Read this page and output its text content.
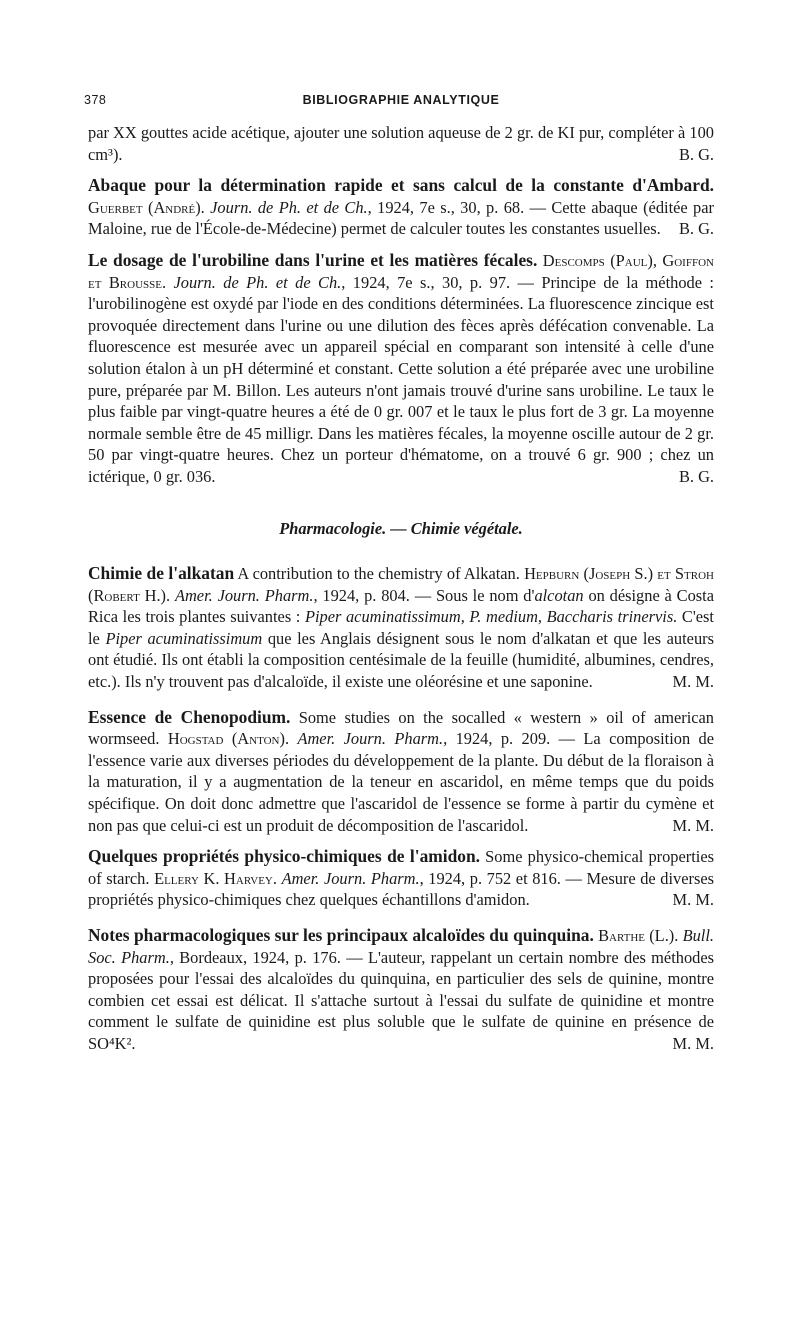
378	BIBLIOGRAPHIE ANALYTIQUE

par XX gouttes acide acétique, ajouter une solution aqueuse de 2 gr. de KI pur, compléter à 100 cm³).	B. G.

Abaque pour la détermination rapide et sans calcul de la constante d'Ambard. Guerbet (André). Journ. de Ph. et de Ch., 1924, 7e s., 30, p. 68. — Cette abaque (éditée par Maloine, rue de l'École-de-Médecine) permet de calculer toutes les constantes usuelles. B. G.

Le dosage de l'urobiline dans l'urine et les matières fécales. Descomps (Paul), Goiffon et Brousse. Journ. de Ph. et de Ch., 1924, 7e s., 30, p. 97. — Principe de la méthode : l'urobilinogène est oxydé par l'iode en des conditions déterminées. La fluorescence zincique est provoquée directement dans l'urine ou une dilution des fèces après défécation convenable. La fluorescence est mesurée avec un appareil spécial en comparant son intensité à celle d'une solution étalon à un pH déterminé et constant. Cette solution a été préparée avec une urobiline pure, préparée par M. Billon. Les auteurs n'ont jamais trouvé d'urine sans urobiline. Le taux le plus faible par vingt-quatre heures a été de 0 gr. 007 et le taux le plus fort de 3 gr. La moyenne normale semble être de 45 milligr. Dans les matières fécales, la moyenne oscille autour de 2 gr. 50 par vingt-quatre heures. Chez un porteur d'hématome, on a trouvé 6 gr. 900 ; chez un ictérique, 0 gr. 036.	B. G.

Pharmacologie. — Chimie végétale.

Chimie de l'alkatan A contribution to the chemistry of Alkatan. Hepburn (Joseph S.) et Stroh (Robert H.). Amer. Journ. Pharm., 1924, p. 804. — Sous le nom d'alcotan on désigne à Costa Rica les trois plantes suivantes : Piper acuminatissimum, P. medium, Baccharis trinervis. C'est le Piper acuminatissimum que les Anglais désignent sous le nom d'alkatan et que les auteurs ont étudié. Ils ont établi la composition centésimale de la feuille (humidité, albumines, cendres, etc.). Ils n'y trouvent pas d'alcaloïde, il existe une oléorésine et une saponine.	M. M.

Essence de Chenopodium. Some studies on the socalled « western » oil of american wormseed. Hogstad (Anton). Amer. Journ. Pharm., 1924, p. 209. — La composition de l'essence varie aux diverses périodes du développement de la plante. Du début de la floraison à la maturation, il y a augmentation de la teneur en ascaridol, en même temps que du poids spécifique. On doit donc admettre que l'ascaridol de l'essence se forme à partir du cymène et non pas que celui-ci est un produit de décomposition de l'ascaridol.	M. M.

Quelques propriétés physico-chimiques de l'amidon. Some physico-chemical properties of starch. Ellery K. Harvey. Amer. Journ. Pharm., 1924, p. 752 et 816. — Mesure de diverses propriétés physico-chimiques chez quelques échantillons d'amidon.	M. M.

Notes pharmacologiques sur les principaux alcaloïdes du quinquina. Barthe (L.). Bull. Soc. Pharm., Bordeaux, 1924, p. 176. — L'auteur, rappelant un certain nombre des méthodes proposées pour l'essai des alcaloïdes du quinquina, en particulier des sels de quinine, montre combien cet essai est délicat. Il s'attache surtout à l'essai du sulfate de quinidine et montre comment le sulfate de quinidine est plus soluble que le sulfate de quinine en présence de SO⁴K².	M. M.
